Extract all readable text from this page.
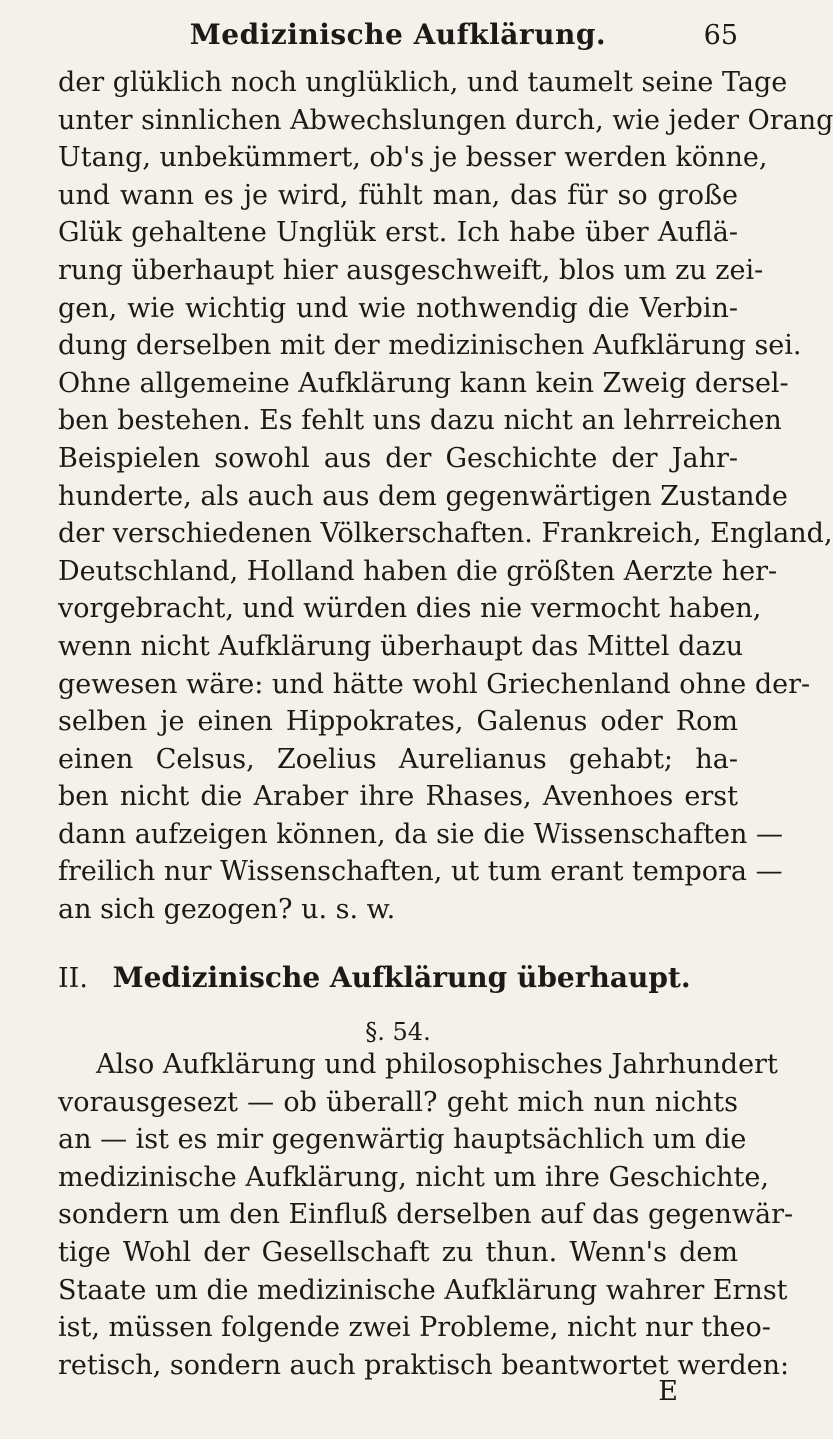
Medizinische Aufklärung.	65
der glüklich noch unglüklich, und taumelt seine Tage
unter sinnlichen Abwechslungen durch, wie jeder Orang
Utang, unbekümmert, ob's je besser werden könne,
und wann es je wird, fühlt man, das für so große
Glük gehaltene Unglük erst. Ich habe über Auflä-
rung überhaupt hier ausgeschweift, blos um zu zei-
gen, wie wichtig und wie nothwendig die Verbin-
dung derselben mit der medizinischen Aufklärung sei.
Ohne allgemeine Aufklärung kann kein Zweig dersel-
ben bestehen. Es fehlt uns dazu nicht an lehrreichen
Beispielen sowohl aus der Geschichte der Jahr-
hunderte, als auch aus dem gegenwärtigen Zustande
der verschiedenen Völkerschaften. Frankreich, England,
Deutschland, Holland haben die größten Aerzte her-
vorgebracht, und würden dies nie vermocht haben,
wenn nicht Aufklärung überhaupt das Mittel dazu
gewesen wäre: und hätte wohl Griechenland ohne der-
selben je einen Hippokrates, Galenus oder Rom
einen Celsus, Zoelius Aurelianus gehabt; ha-
ben nicht die Araber ihre Rhases, Avenhoes erst
dann aufzeigen können, da sie die Wissenschaften —
freilich nur Wissenschaften, ut tum erant tempora —
an sich gezogen? u. s. w.
II. Medizinische Aufklärung überhaupt.
§. 54.
Also Aufklärung und philosophisches Jahrhundert
vorausgesezt — ob überall? geht mich nun nichts
an — ist es mir gegenwärtig hauptsächlich um die
medizinische Aufklärung, nicht um ihre Geschichte,
sondern um den Einfluß derselben auf das gegenwär-
tige Wohl der Gesellschaft zu thun. Wenn's dem
Staate um die medizinische Aufklärung wahrer Ernst
ist, müssen folgende zwei Probleme, nicht nur theo-
retisch, sondern auch praktisch beantwortet werden:
E
